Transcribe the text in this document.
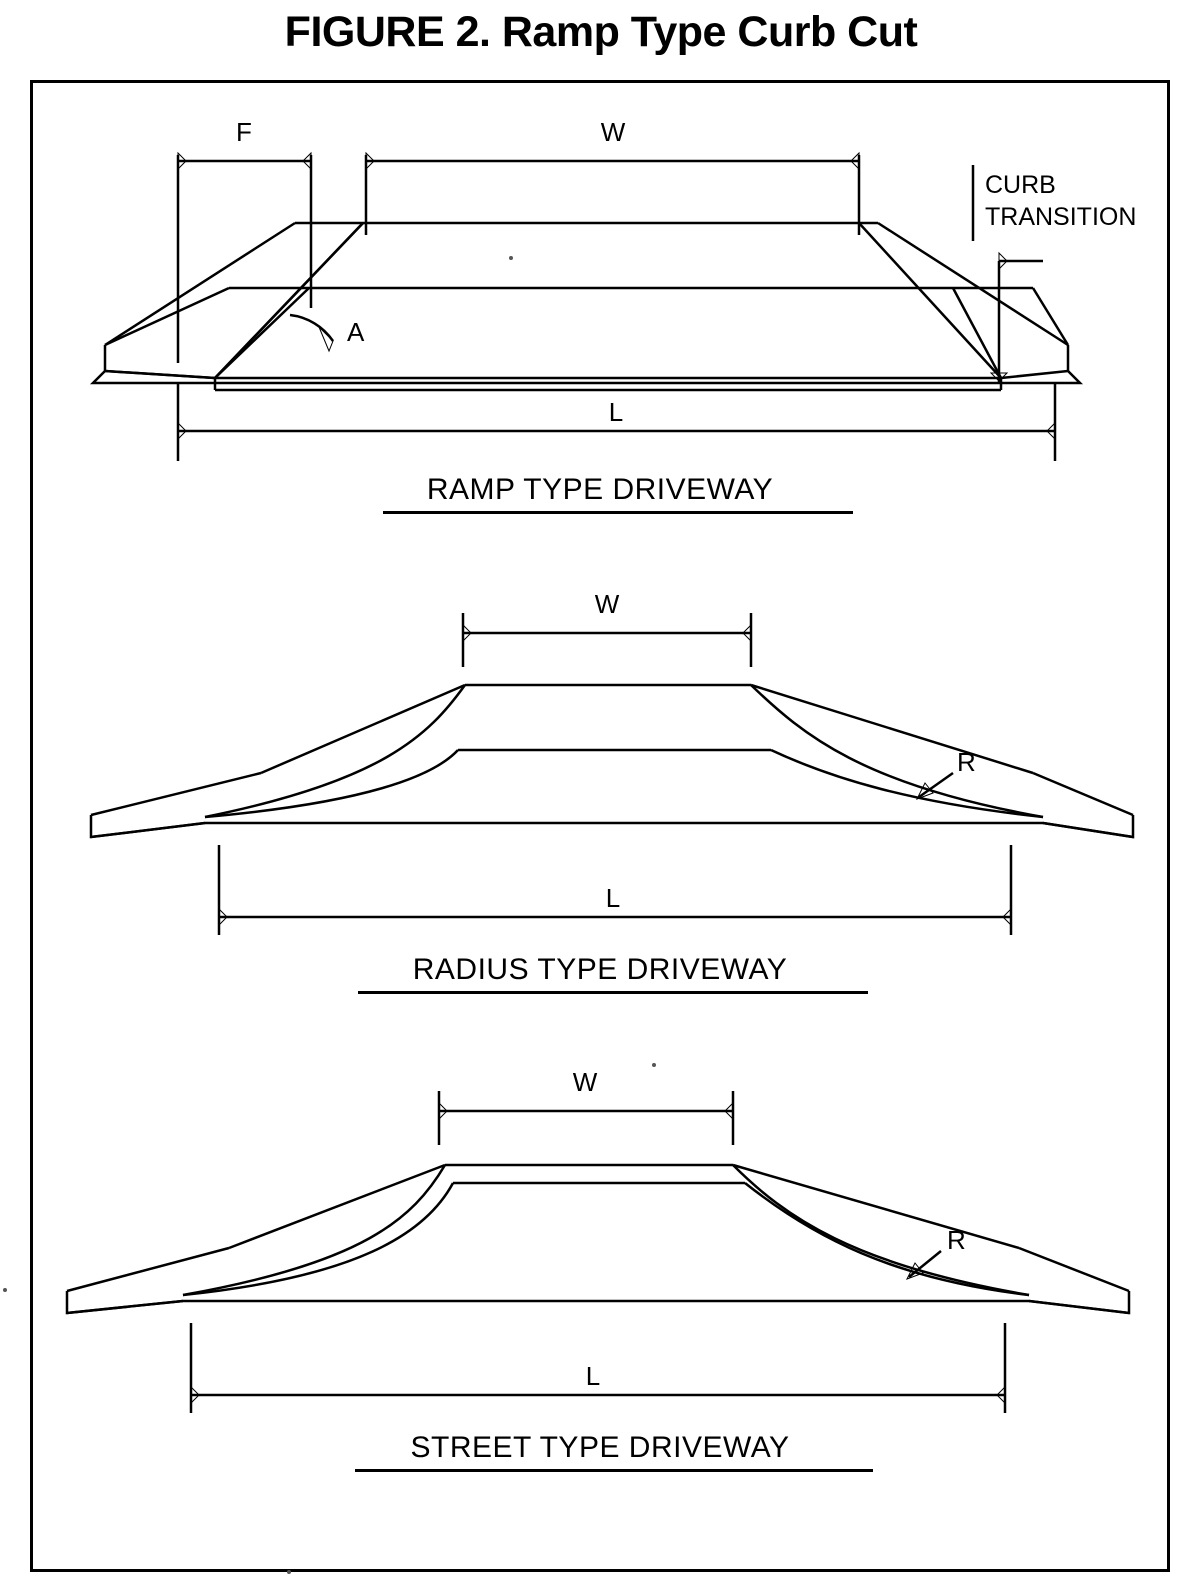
FIGURE 2. Ramp Type Curb Cut
F	W
CURB
TRANSITION
A
L
RAMP TYPE DRIVEWAY
W
R
L
RADIUS TYPE DRIVEWAY
W
R
L
STREET TYPE DRIVEWAY
